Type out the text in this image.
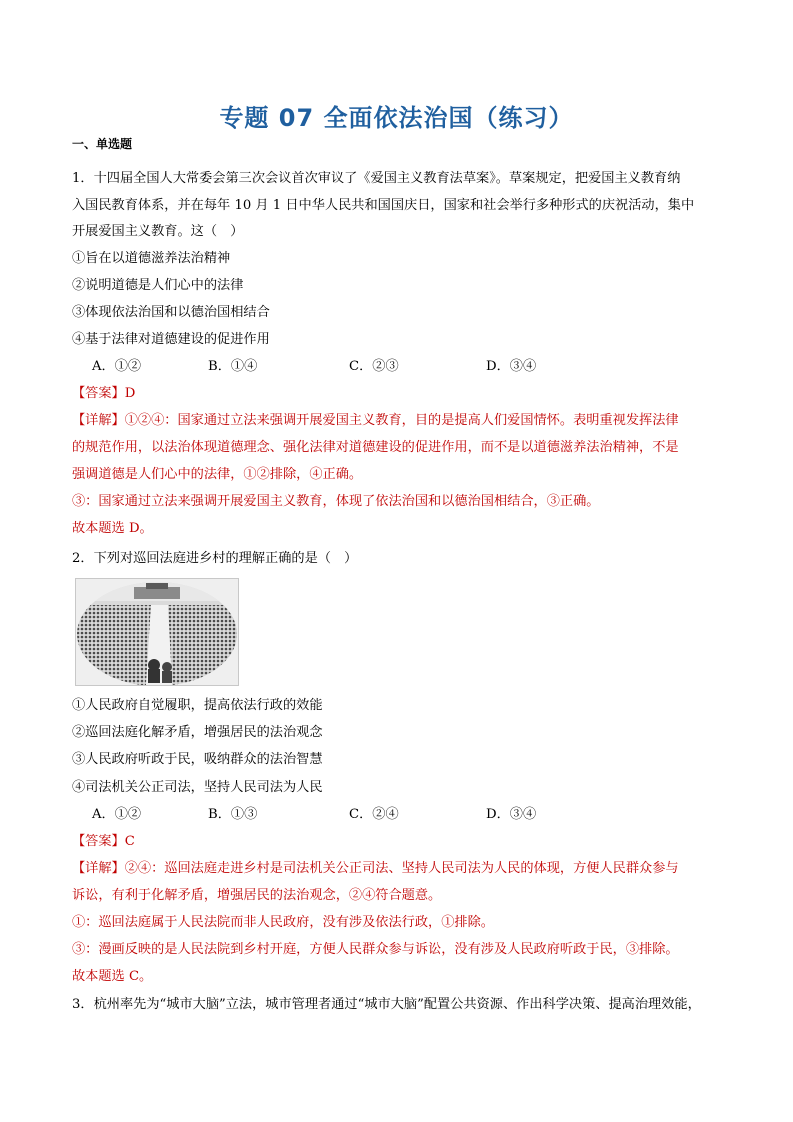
专题 07 全面依法治国（练习）
一、单选题
1．十四届全国人大常委会第三次会议首次审议了《爱国主义教育法草案》。草案规定，把爱国主义教育纳
入国民教育体系，并在每年 10 月 1 日中华人民共和国国庆日，国家和社会举行多种形式的庆祝活动，集中
开展爱国主义教育。这（　）
①旨在以道德滋养法治精神
②说明道德是人们心中的法律
③体现依法治国和以德治国相结合
④基于法律对道德建设的促进作用
A．①②	B．①④	C．②③	D．③④
【答案】D
【详解】①②④：国家通过立法来强调开展爱国主义教育，目的是提高人们爱国情怀。表明重视发挥法律
的规范作用，以法治体现道德理念、强化法律对道德建设的促进作用，而不是以道德滋养法治精神，不是
强调道德是人们心中的法律，①②排除，④正确。
③：国家通过立法来强调开展爱国主义教育，体现了依法治国和以德治国相结合，③正确。
故本题选 D。
2．下列对巡回法庭进乡村的理解正确的是（　）
①人民政府自觉履职，提高依法行政的效能
②巡回法庭化解矛盾，增强居民的法治观念
③人民政府听政于民，吸纳群众的法治智慧
④司法机关公正司法，坚持人民司法为人民
A．①②	B．①③	C．②④	D．③④
【答案】C
【详解】②④：巡回法庭走进乡村是司法机关公正司法、坚持人民司法为人民的体现，方便人民群众参与
诉讼，有利于化解矛盾，增强居民的法治观念，②④符合题意。
①：巡回法庭属于人民法院而非人民政府，没有涉及依法行政，①排除。
③：漫画反映的是人民法院到乡村开庭，方便人民群众参与诉讼，没有涉及人民政府听政于民，③排除。
故本题选 C。
3．杭州率先为“城市大脑”立法，城市管理者通过“城市大脑”配置公共资源、作出科学决策、提高治理效能，
